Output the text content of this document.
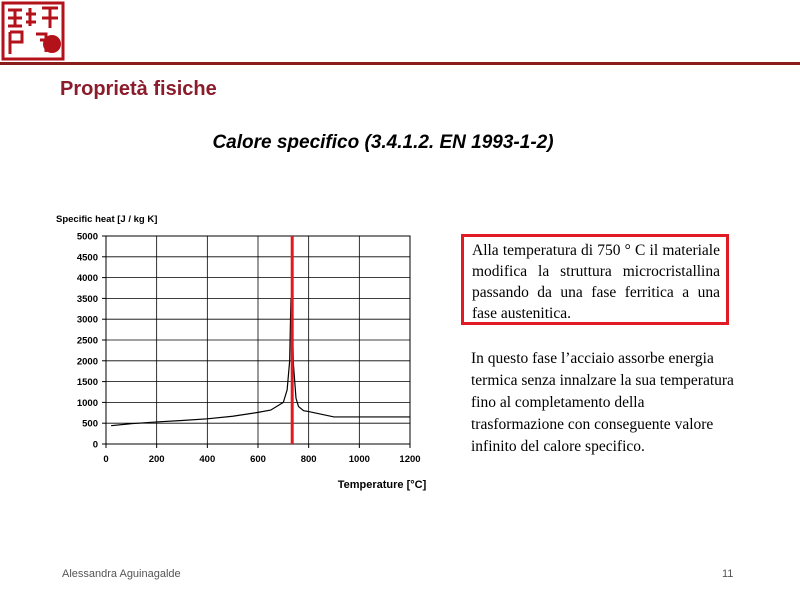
Proprietà fisiche
Calore specifico (3.4.1.2. EN 1993-1-2)
0	200	400	600	800	1000	1200
0
500
1000
1500
2000
2500
3000
3500
4000
4500
5000
Specific heat [J / kg K]
Temperature [°C]
Alla temperatura di 750 ° C il materiale modifica la struttura microcristallina passando da una fase ferritica a una fase austenitica.
In questo fase l’acciaio assorbe energia termica senza innalzare la sua temperatura fino al completamento della trasformazione con conseguente valore infinito del calore specifico.
Alessandra Aguinagalde	11
